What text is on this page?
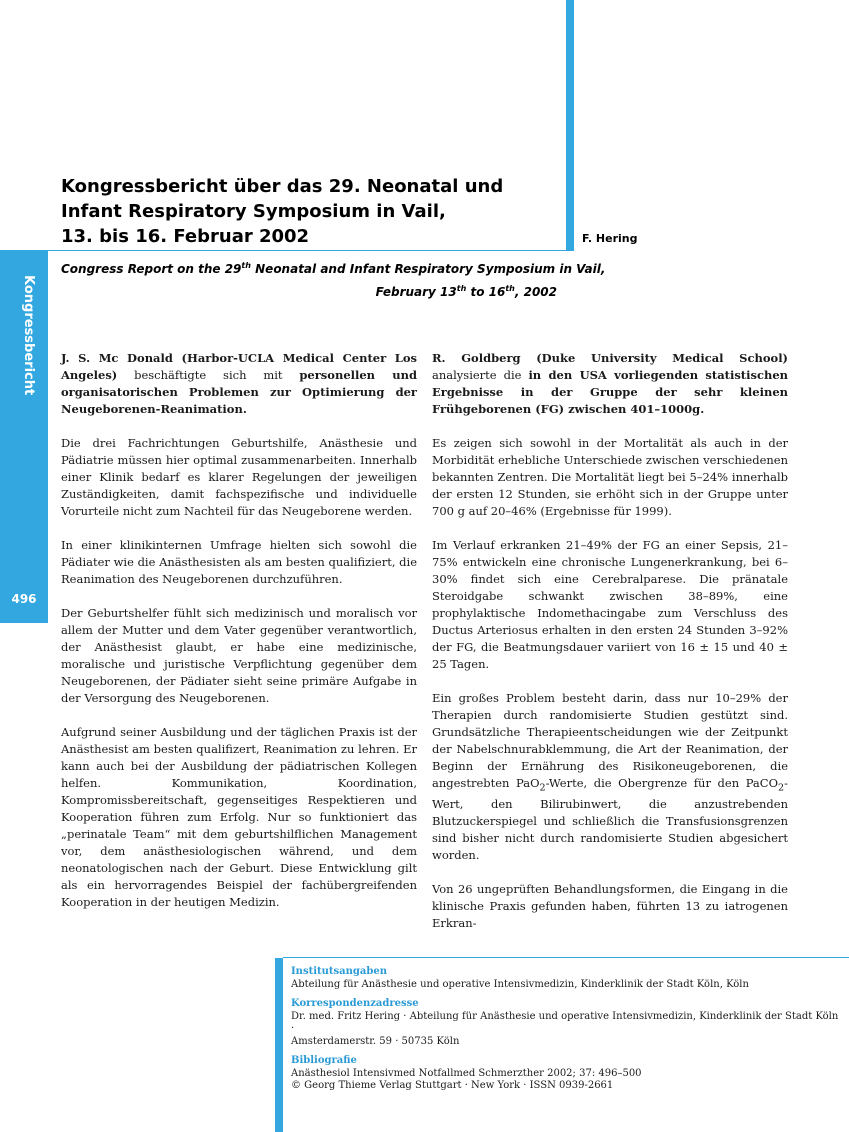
Kongressbericht
496
Kongressbericht über das 29. Neonatal und
Infant Respiratory Symposium in Vail,
13. bis 16. Februar 2002	F. Hering
Congress Report on the 29th Neonatal and Infant Respiratory Symposium in Vail,
February 13th to 16th, 2002

J. S. Mc Donald (Harbor-UCLA Medical Center Los Angeles) beschäftigte sich mit personellen und organisatorischen Problemen zur Optimierung der Neugeborenen-Reanimation.

Die drei Fachrichtungen Geburtshilfe, Anästhesie und Pädiatrie müssen hier optimal zusammenarbeiten. Innerhalb einer Klinik bedarf es klarer Regelungen der jeweiligen Zuständigkeiten, damit fachspezifische und individuelle Vorurteile nicht zum Nachteil für das Neugeborene werden.

In einer klinikinternen Umfrage hielten sich sowohl die Pädiater wie die Anästhesisten als am besten qualifiziert, die Reanimation des Neugeborenen durchzuführen.

Der Geburtshelfer fühlt sich medizinisch und moralisch vor allem der Mutter und dem Vater gegenüber verantwortlich, der Anästhesist glaubt, er habe eine medizinische, moralische und juristische Verpflichtung gegenüber dem Neugeborenen, der Pädiater sieht seine primäre Aufgabe in der Versorgung des Neugeborenen.

Aufgrund seiner Ausbildung und der täglichen Praxis ist der Anästhesist am besten qualifizert, Reanimation zu lehren. Er kann auch bei der Ausbildung der pädiatrischen Kollegen helfen. Kommunikation, Koordination, Kompromissbereitschaft, gegenseitiges Respektieren und Kooperation führen zum Erfolg. Nur so funktioniert das „perinatale Team“ mit dem geburtshilflichen Management vor, dem anästhesiologischen während, und dem neonatologischen nach der Geburt. Diese Entwicklung gilt als ein hervorragendes Beispiel der fachübergreifenden Kooperation in der heutigen Medizin.

R. Goldberg (Duke University Medical School) analysierte die in den USA vorliegenden statistischen Ergebnisse in der Gruppe der sehr kleinen Frühgeborenen (FG) zwischen 401–1000g.

Es zeigen sich sowohl in der Mortalität als auch in der Morbidität erhebliche Unterschiede zwischen verschiedenen bekannten Zentren. Die Mortalität liegt bei 5–24% innerhalb der ersten 12 Stunden, sie erhöht sich in der Gruppe unter 700 g auf 20–46% (Ergebnisse für 1999).

Im Verlauf erkranken 21–49% der FG an einer Sepsis, 21–75% entwickeln eine chronische Lungenerkrankung, bei 6–30% findet sich eine Cerebralparese. Die pränatale Steroidgabe schwankt zwischen 38–89%, eine prophylaktische Indomethacingabe zum Verschluss des Ductus Arteriosus erhalten in den ersten 24 Stunden 3–92% der FG, die Beatmungsdauer variiert von 16 ± 15 und 40 ± 25 Tagen.

Ein großes Problem besteht darin, dass nur 10–29% der Therapien durch randomisierte Studien gestützt sind. Grundsätzliche Therapieentscheidungen wie der Zeitpunkt der Nabelschnurabklemmung, die Art der Reanimation, der Beginn der Ernährung des Risikoneugeborenen, die angestrebten PaO$_2$-Werte, die Obergrenze für den PaCO$_2$-Wert, den Bilirubinwert, die anzustrebenden Blutzuckerspiegel und schließlich die Transfusionsgrenzen sind bisher nicht durch randomisierte Studien abgesichert worden.

Von 26 ungeprüften Behandlungsformen, die Eingang in die klinische Praxis gefunden haben, führten 13 zu iatrogenen Erkran-

Institutsangaben
Abteilung für Anästhesie und operative Intensivmedizin, Kinderklinik der Stadt Köln, Köln
Korrespondenzadresse
Dr. med. Fritz Hering · Abteilung für Anästhesie und operative Intensivmedizin, Kinderklinik der Stadt Köln ·
Amsterdamerstr. 59 · 50735 Köln
Bibliografie
Anästhesiol Intensivmed Notfallmed Schmerzther 2002; 37: 496–500
© Georg Thieme Verlag Stuttgart · New York · ISSN 0939-2661
